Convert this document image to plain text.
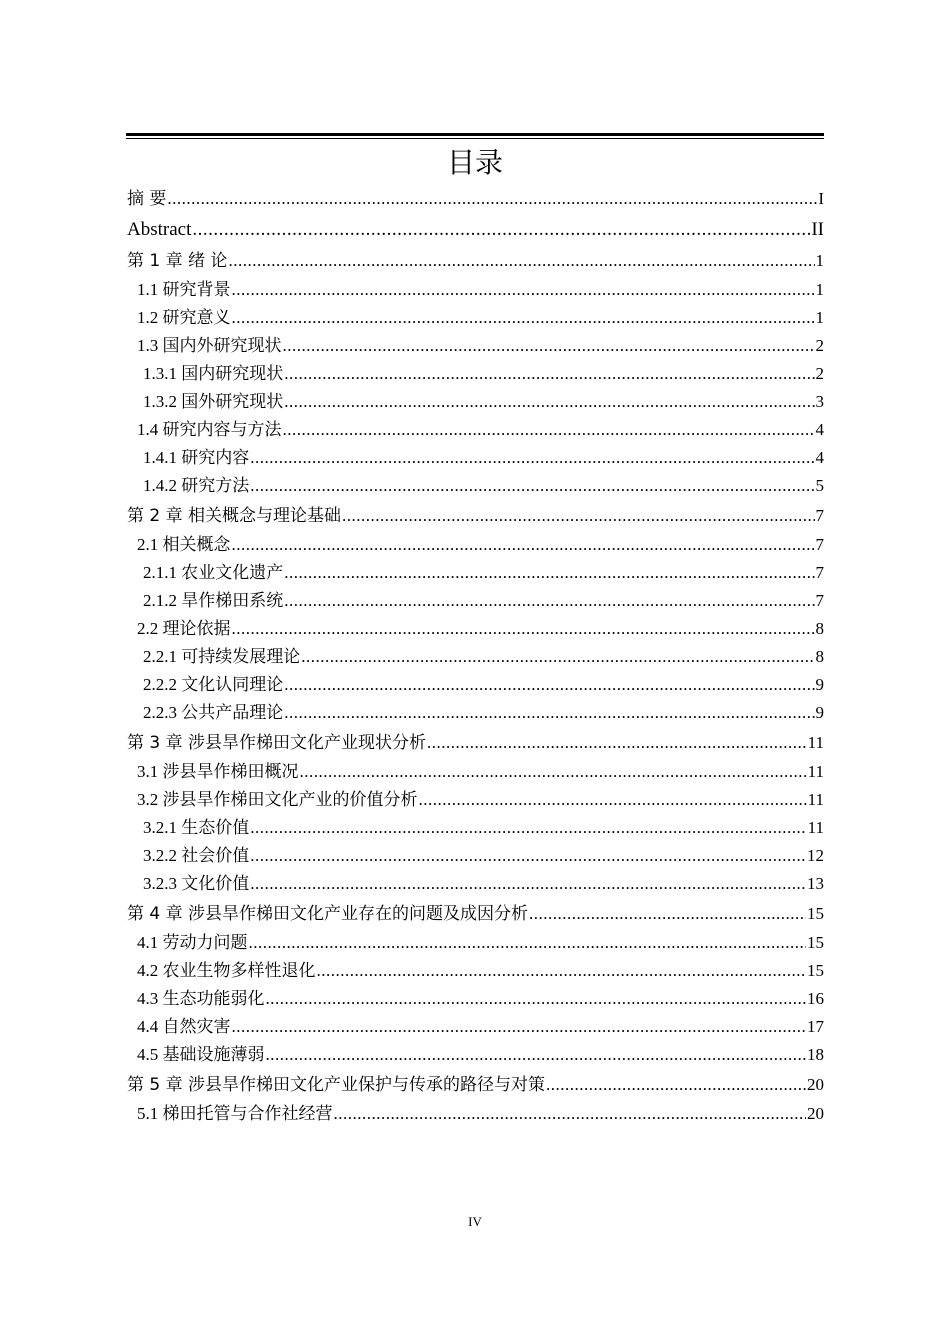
目录
摘 要 .....	I
Abstract .....	II
第 1 章 绪 论 .....	1
1.1 研究背景 .....	1
1.2 研究意义 .....	1
1.3 国内外研究现状 .....	2
1.3.1 国内研究现状 .....	2
1.3.2 国外研究现状 .....	3
1.4 研究内容与方法 .....	4
1.4.1 研究内容 .....	4
1.4.2 研究方法 .....	5
第 2 章 相关概念与理论基础 .....	7
2.1 相关概念 .....	7
2.1.1 农业文化遗产 .....	7
2.1.2 旱作梯田系统 .....	7
2.2 理论依据 .....	8
2.2.1 可持续发展理论 .....	8
2.2.2 文化认同理论 .....	9
2.2.3 公共产品理论 .....	9
第 3 章 涉县旱作梯田文化产业现状分析 .....	11
3.1 涉县旱作梯田概况 .....	11
3.2 涉县旱作梯田文化产业的价值分析 .....	11
3.2.1 生态价值 .....	11
3.2.2 社会价值 .....	12
3.2.3 文化价值 .....	13
第 4 章 涉县旱作梯田文化产业存在的问题及成因分析 .....	15
4.1 劳动力问题 .....	15
4.2 农业生物多样性退化 .....	15
4.3 生态功能弱化 .....	16
4.4 自然灾害 .....	17
4.5 基础设施薄弱 .....	18
第 5 章 涉县旱作梯田文化产业保护与传承的路径与对策 .....	20
5.1 梯田托管与合作社经营 .....	20
IV
